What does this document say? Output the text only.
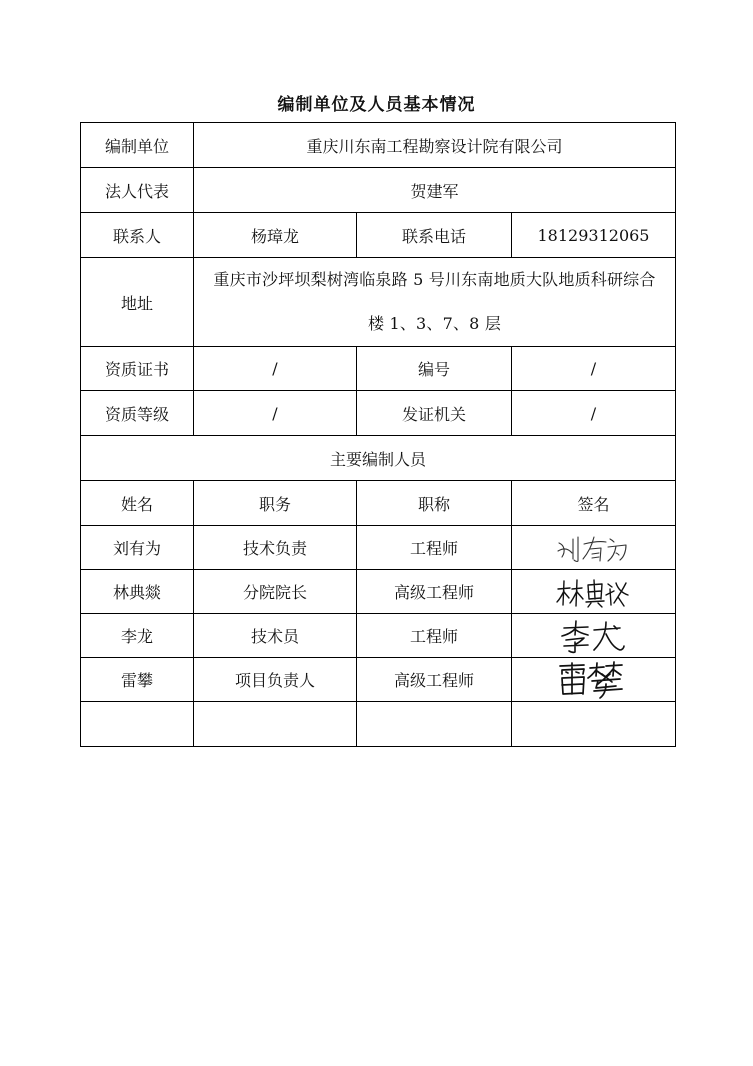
编制单位及人员基本情况
编制单位	重庆川东南工程勘察设计院有限公司		
法人代表	贺建军		
联系人	杨璋龙	联系电话	18129312065
地址	重庆市沙坪坝梨树湾临泉路 5 号川东南地质大队地质科研综合
楼 1、3、7、8 层		

资质证书	/	编号	/
资质等级	/	发证机关	/
主要编制人员			
姓名	职务	职称	签名
刘有为	技术负责	工程师	

林典燚	分院院长	高级工程师	

李龙	技术员	工程师	

雷攀	项目负责人	高级工程师	
